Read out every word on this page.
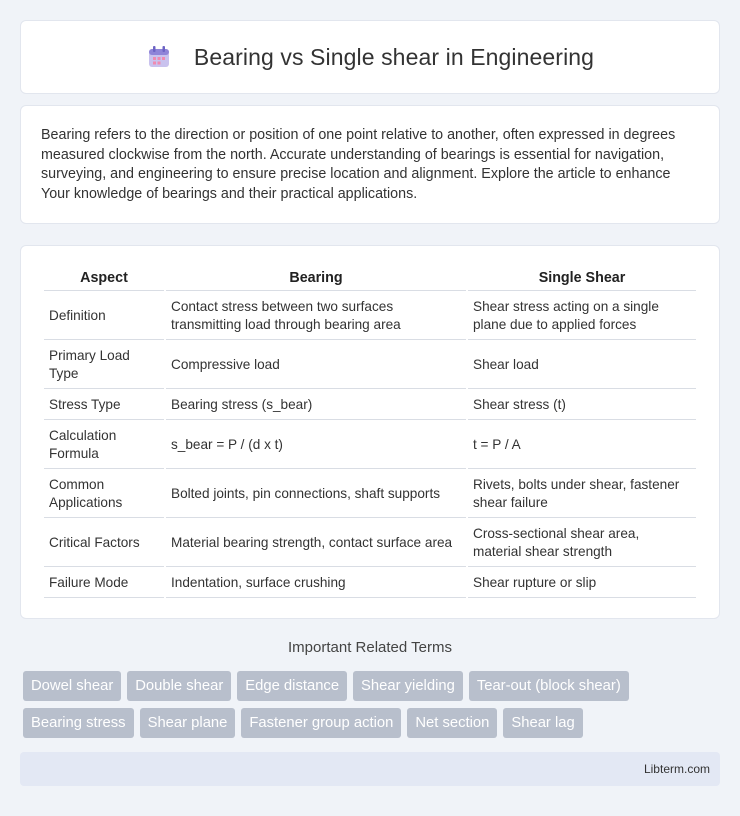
Bearing vs Single shear in Engineering

Bearing refers to the direction or position of one point relative to another, often expressed in degrees measured clockwise from the north. Accurate understanding of bearings is essential for navigation, surveying, and engineering to ensure precise location and alignment. Explore the article to enhance Your knowledge of bearings and their practical applications.

Aspect	Bearing	Single Shear
Definition	Contact stress between two surfaces transmitting load through bearing area	Shear stress acting on a single plane due to applied forces
Primary Load Type	Compressive load	Shear load
Stress Type	Bearing stress (s_bear)	Shear stress (t)
Calculation Formula	s_bear = P / (d x t)	t = P / A
Common Applications	Bolted joints, pin connections, shaft supports	Rivets, bolts under shear, fastener shear failure
Critical Factors	Material bearing strength, contact surface area	Cross-sectional shear area, material shear strength
Failure Mode	Indentation, surface crushing	Shear rupture or slip
Important Related Terms
Dowel shear	Double shear	Edge distance	Shear yielding	Tear-out (block shear)
Bearing stress	Shear plane	Fastener group action	Net section	Shear lag
Libterm.com
